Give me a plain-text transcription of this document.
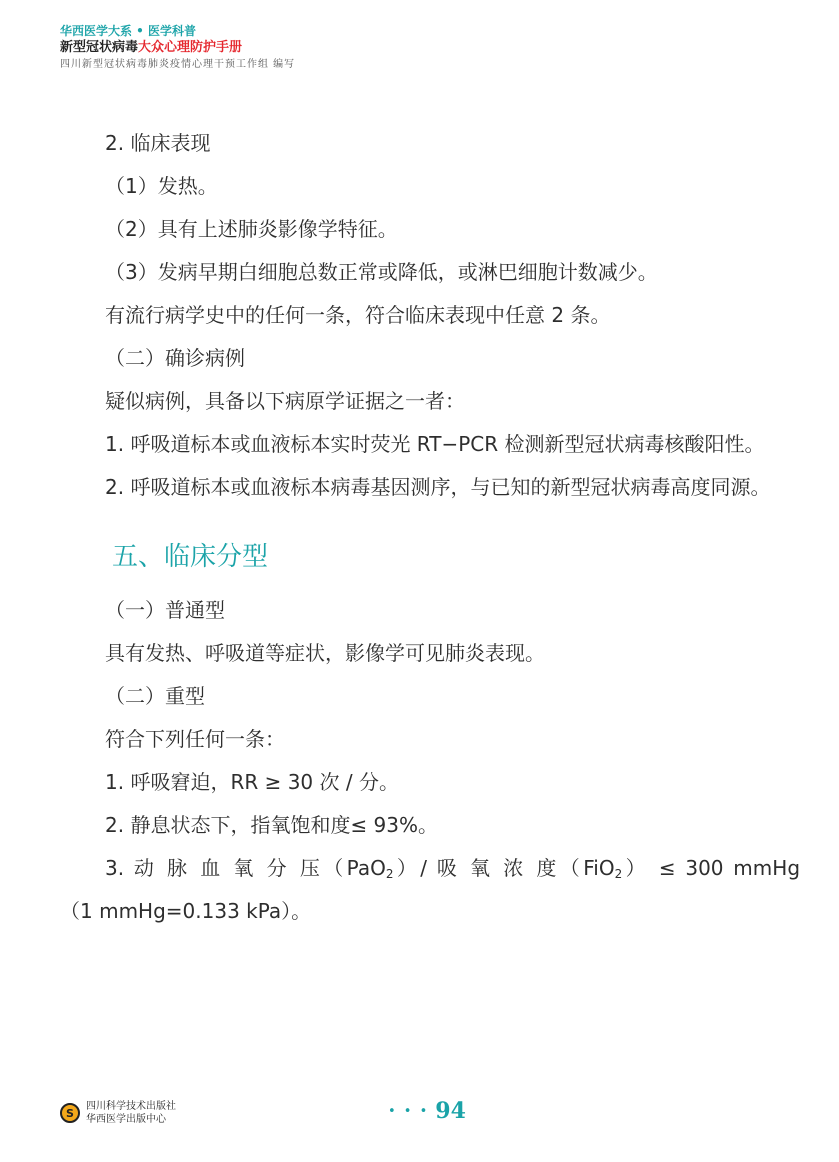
华西医学大系 • 医学科普
新型冠状病毒大众心理防护手册
四川新型冠状病毒肺炎疫情心理干预工作组 编写

2. 临床表现

（1）发热。

（2）具有上述肺炎影像学特征。

（3）发病早期白细胞总数正常或降低，或淋巴细胞计数减少。

有流行病学史中的任何一条，符合临床表现中任意 2 条。

（二）确诊病例

疑似病例，具备以下病原学证据之一者：

1. 呼吸道标本或血液标本实时荧光 RT−PCR 检测新型冠状病毒核酸阳性。

2. 呼吸道标本或血液标本病毒基因测序，与已知的新型冠状病毒高度同源。

五、临床分型

（一）普通型

具有发热、呼吸道等症状，影像学可见肺炎表现。

（二）重型

符合下列任何一条：

1. 呼吸窘迫，RR ≥ 30 次 / 分。

2. 静息状态下，指氧饱和度≤ 93%。

3. 动 脉 血 氧 分 压（PaO$_2$）/ 吸 氧 浓 度（FiO$_2$） ≤ 300 mmHg

（1 mmHg=0.133 kPa）。

S	四川科学技术出版社
华西医学出版中心
• • • 94
